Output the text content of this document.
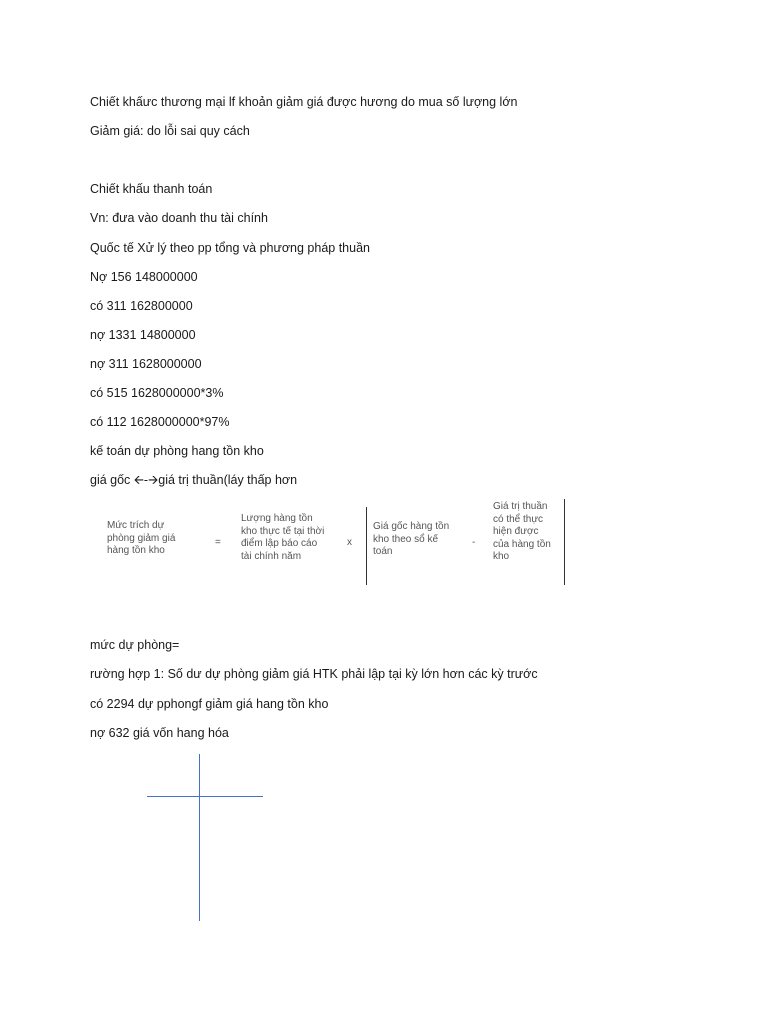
Chiết khấưc thương mại lf khoản giảm giá được hương do mua số lượng lớn
Giảm giá: do lỗi sai quy cách
Chiết khấu thanh toán
Vn: đưa vào doanh thu tài chính
Quốc tế Xử lý theo pp tổng và phương pháp thuần
Nợ 156 148000000
có 311 162800000
nợ 1331 14800000
nợ 311 1628000000
có 515 1628000000*3%
có 112 1628000000*97%
kế toán dự phòng hang tồn kho
giá gốc 🡨-🡪giá trị thuần(láy thấp hơn
Mức trích dự
phòng giảm giá
hàng tồn kho
=
Lượng hàng tồn
kho thực tế tại thời
điểm lập báo cáo
tài chính năm
x
Giá gốc hàng tồn
kho theo sổ kế
toán
-
Giá trị thuần
có thể thực
hiện được
của hàng tồn
kho
mức dự phòng=
rường hợp 1: Số dư dự phòng giảm giá HTK phải lập tại kỳ lớn hơn các kỳ trước
có 2294 dự pphongf giảm giá hang tồn kho
nợ 632 giá vốn hang hóa
